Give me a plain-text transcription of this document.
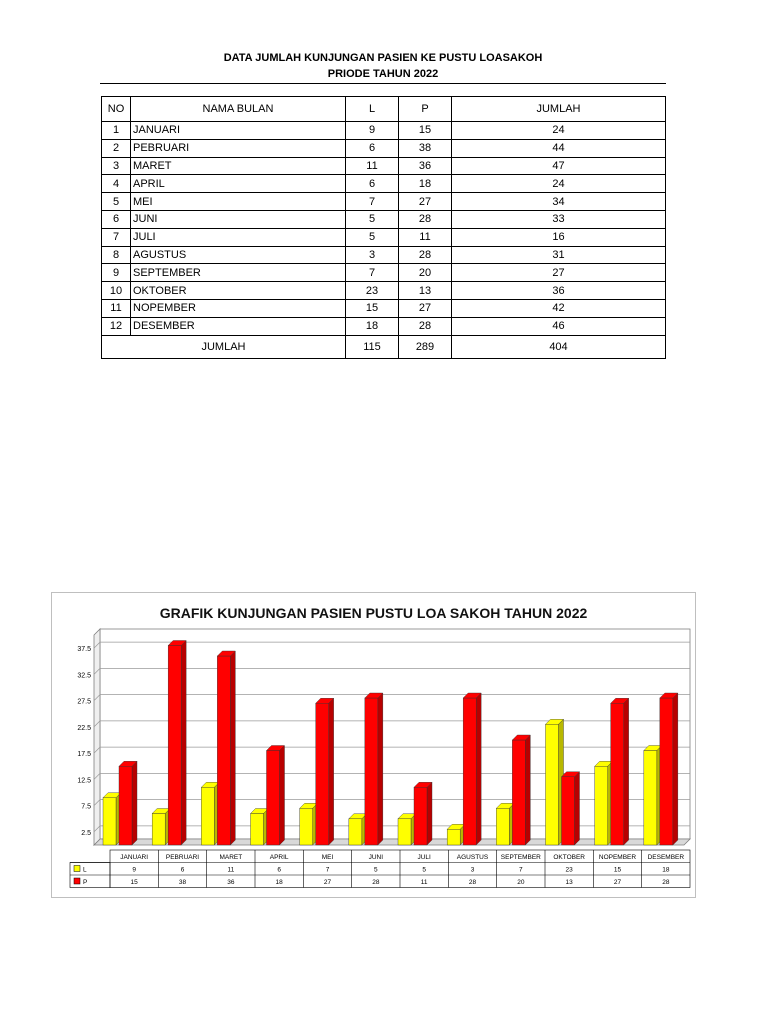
DATA JUMLAH KUNJUNGAN PASIEN KE PUSTU LOASAKOH
PRIODE TAHUN 2022
NO	NAMA BULAN	L	P	JUMLAH
1	JANUARI	9	15	24
2	PEBRUARI	6	38	44
3	MARET	11	36	47
4	APRIL	6	18	24
5	MEI	7	27	34
6	JUNI	5	28	33
7	JULI	5	11	16
8	AGUSTUS	3	28	31
9	SEPTEMBER	7	20	27
10	OKTOBER	23	13	36
11	NOPEMBER	15	27	42
12	DESEMBER	18	28	46
JUMLAH		115	289	404
GRAFIK KUNJUNGAN PASIEN PUSTU LOA SAKOH TAHUN 2022
2.5
7.5
12.5
17.5
22.5
27.5
32.5
37.5
JANUARI	PEBRUARI	MARET	APRIL	MEI	JUNI	JULI	AGUSTUS SEPTEMBER OKTOBER NOPEMBER DESEMBER
L	9	6	11	6	7	5	5	3	7	23	15	18
P	15	38	36	18	27	28	11	28	20	13	27	28
